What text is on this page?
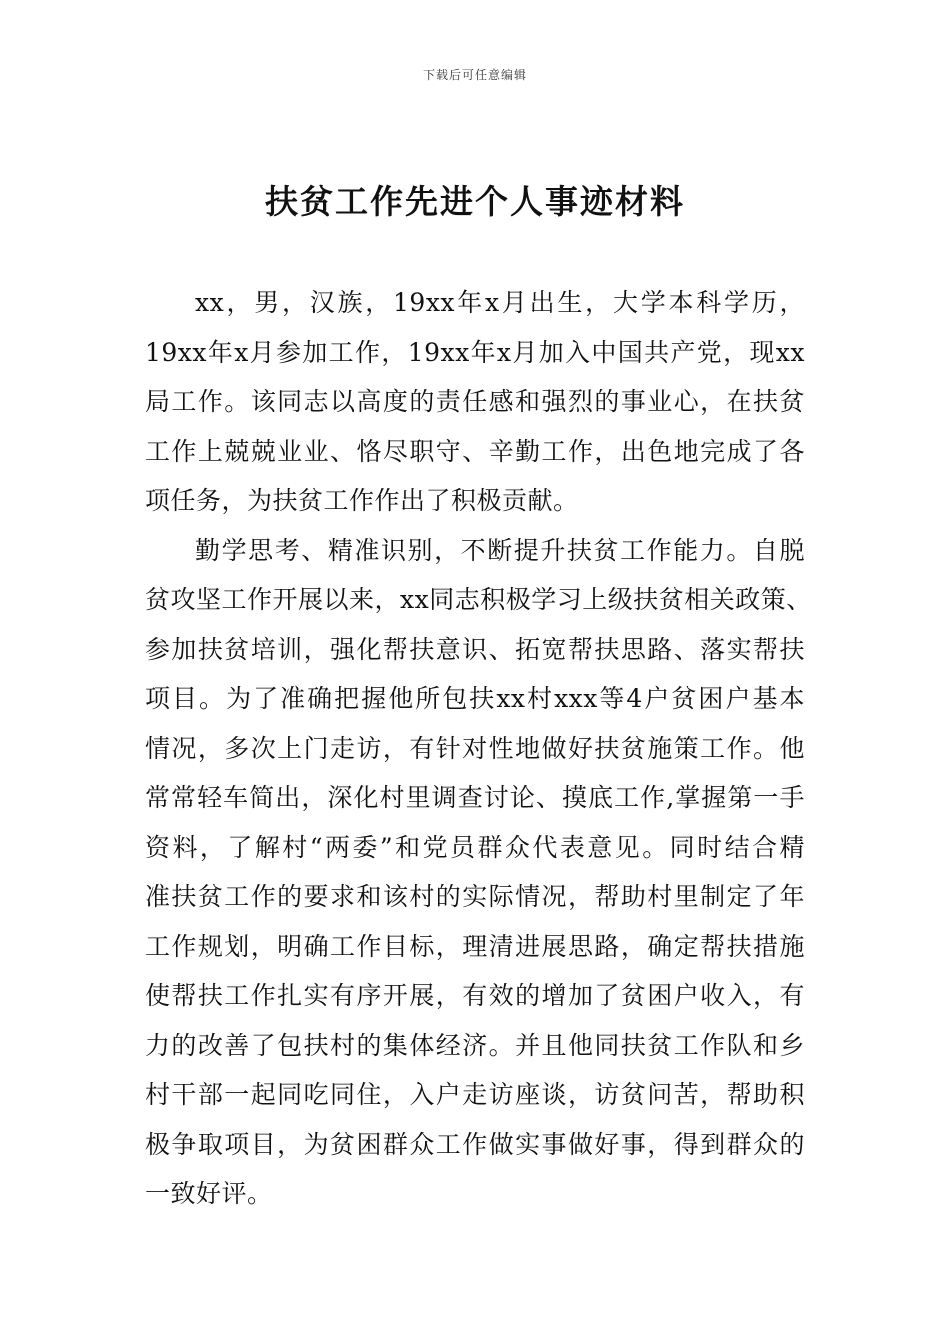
下载后可任意编辑
扶贫工作先进个人事迹材料
xx，男，汉族，19xx年x月出生，大学本科学历，
19xx年x月参加工作，19xx年x月加入中国共产党，现xx
局工作。该同志以高度的责任感和强烈的事业心，在扶贫
工作上兢兢业业、恪尽职守、辛勤工作，出色地完成了各
项任务，为扶贫工作作出了积极贡献。
勤学思考、精准识别，不断提升扶贫工作能力。自脱
贫攻坚工作开展以来，xx同志积极学习上级扶贫相关政策、
参加扶贫培训，强化帮扶意识、拓宽帮扶思路、落实帮扶
项目。为了准确把握他所包扶xx村xxx等4户贫困户基本
情况，多次上门走访，有针对性地做好扶贫施策工作。他
常常轻车简出，深化村里调查讨论、摸底工作,掌握第一手
资料，了解村“两委”和党员群众代表意见。同时结合精
准扶贫工作的要求和该村的实际情况，帮助村里制定了年
工作规划，明确工作目标，理清进展思路，确定帮扶措施
使帮扶工作扎实有序开展，有效的增加了贫困户收入，有
力的改善了包扶村的集体经济。并且他同扶贫工作队和乡
村干部一起同吃同住，入户走访座谈，访贫问苦，帮助积
极争取项目，为贫困群众工作做实事做好事，得到群众的
一致好评。
